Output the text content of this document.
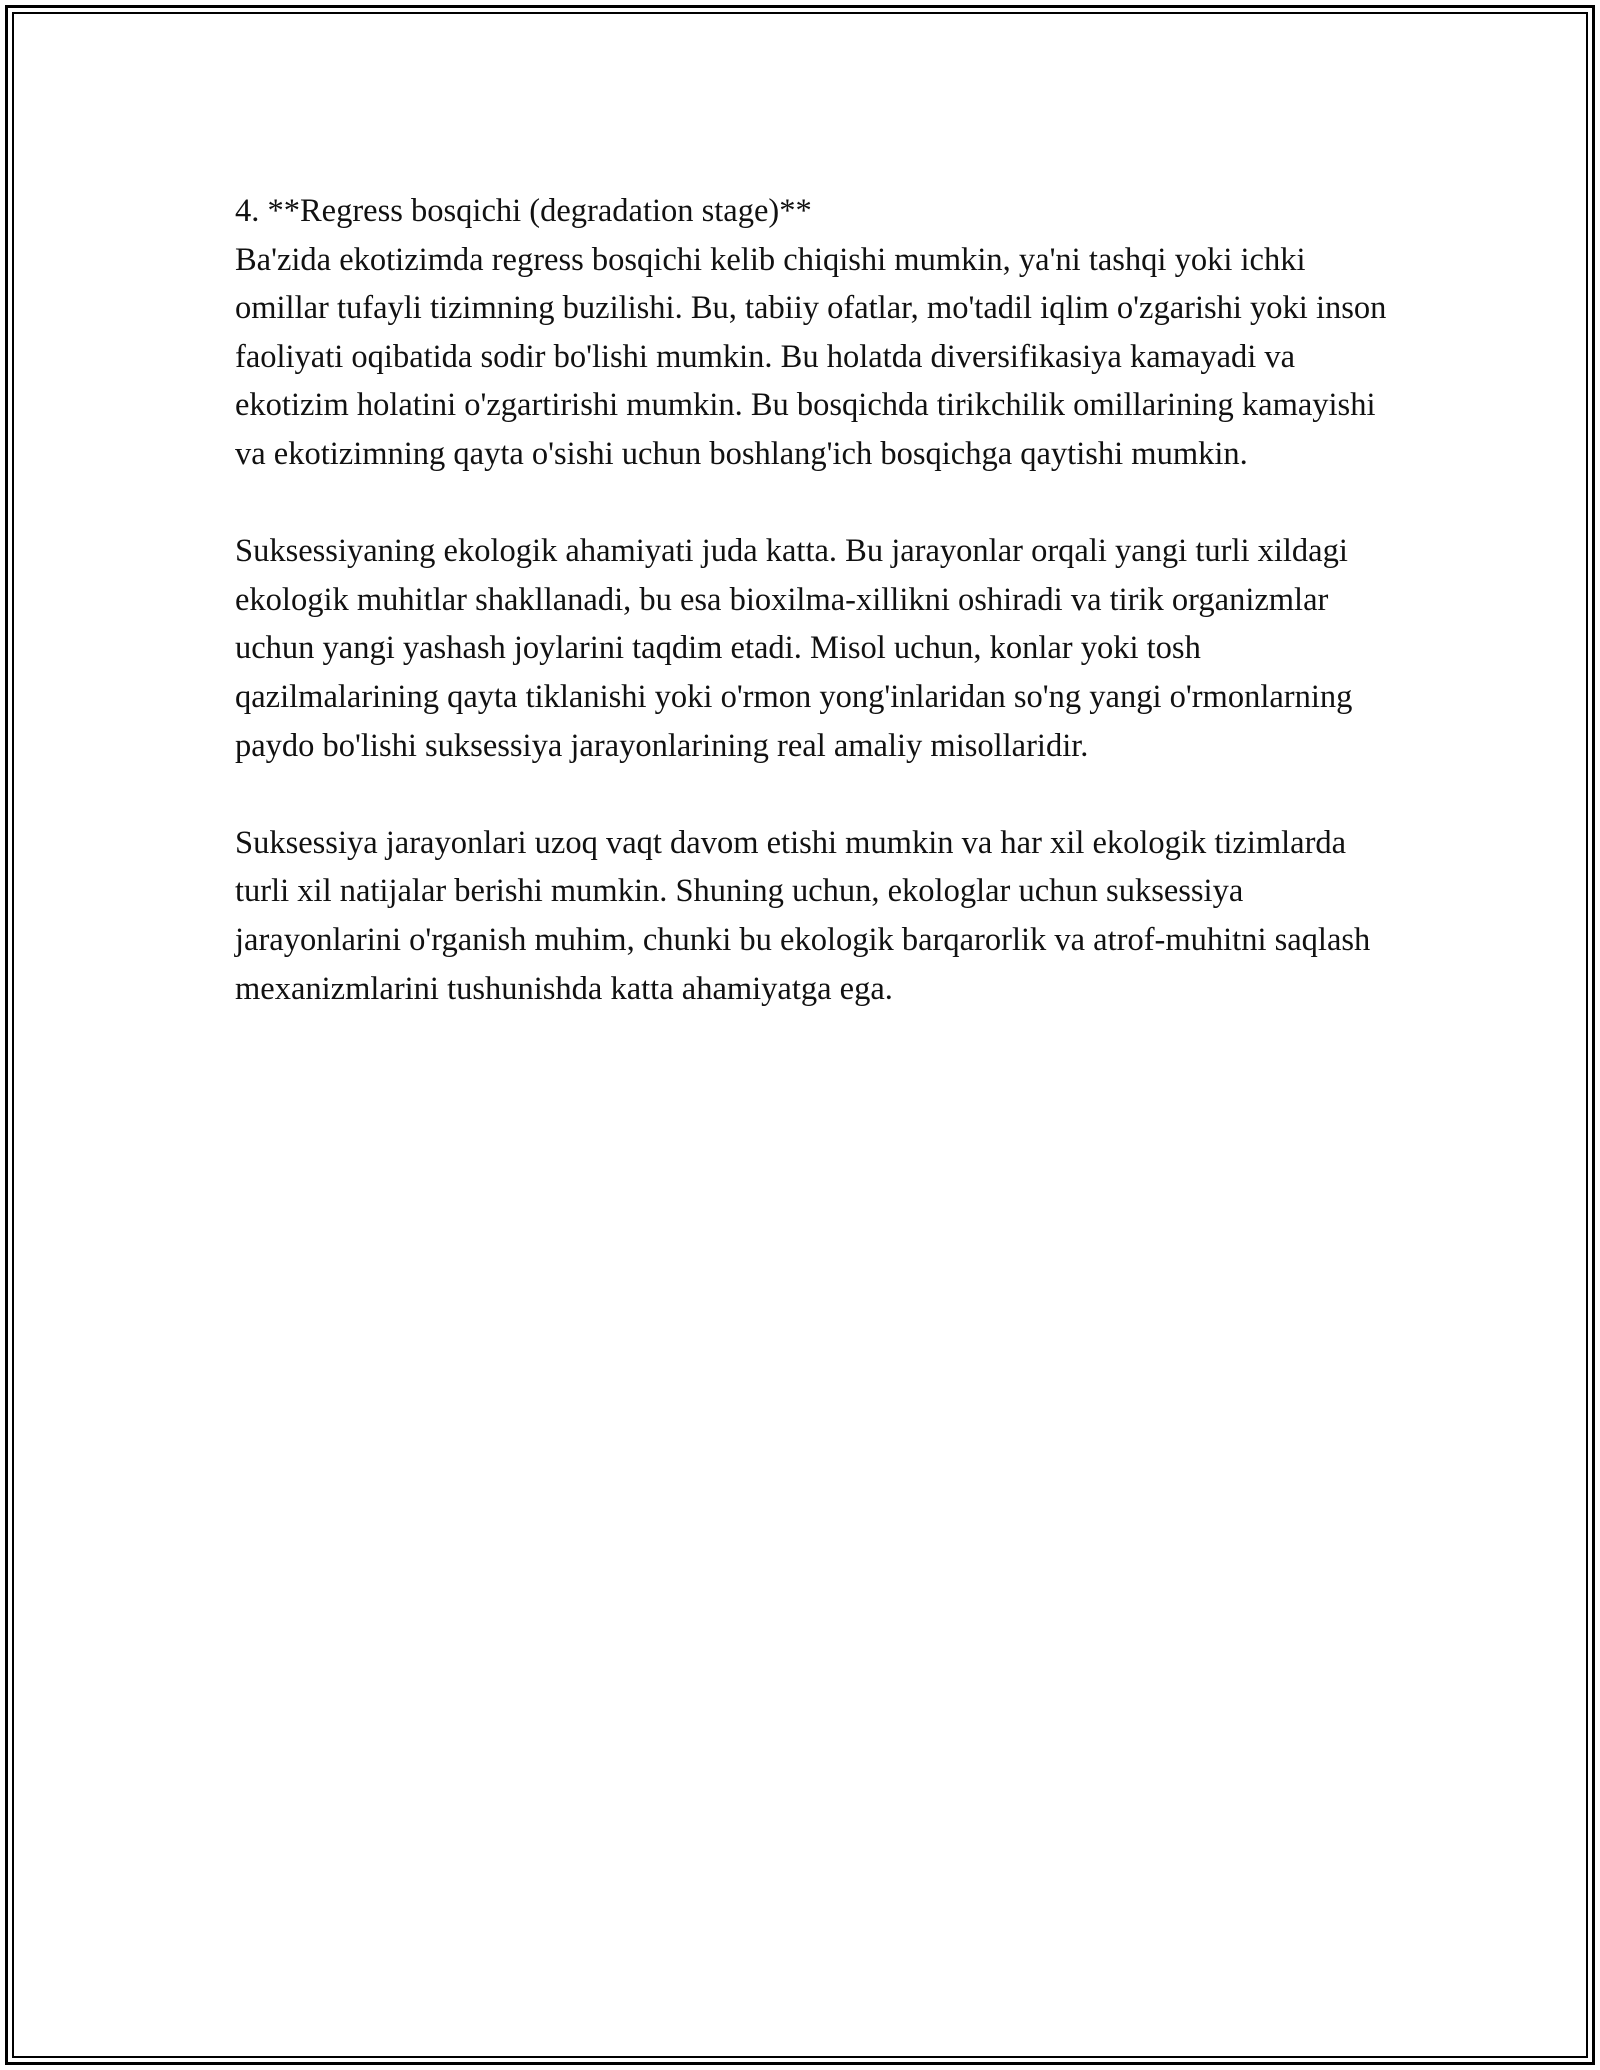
4. **Regress bosqichi (degradation stage)**
Ba'zida ekotizimda regress bosqichi kelib chiqishi mumkin, ya'ni tashqi yoki ichki omillar tufayli tizimning buzilishi. Bu, tabiiy ofatlar, mo'tadil iqlim o'zgarishi yoki inson faoliyati oqibatida sodir bo'lishi mumkin. Bu holatda diversifikasiya kamayadi va ekotizim holatini o'zgartirishi mumkin. Bu bosqichda tirikchilik omillarining kamayishi va ekotizimning qayta o'sishi uchun boshlang'ich bosqichga qaytishi mumkin.

Suksessiyaning ekologik ahamiyati juda katta. Bu jarayonlar orqali yangi turli xildagi ekologik muhitlar shakllanadi, bu esa bioxilma-xillikni oshiradi va tirik organizmlar uchun yangi yashash joylarini taqdim etadi. Misol uchun, konlar yoki tosh qazilmalarining qayta tiklanishi yoki o'rmon yong'inlaridan so'ng yangi o'rmonlarning paydo bo'lishi suksessiya jarayonlarining real amaliy misollaridir.

Suksessiya jarayonlari uzoq vaqt davom etishi mumkin va har xil ekologik tizimlarda turli xil natijalar berishi mumkin. Shuning uchun, ekologlar uchun suksessiya jarayonlarini o'rganish muhim, chunki bu ekologik barqarorlik va atrof-muhitni saqlash mexanizmlarini tushunishda katta ahamiyatga ega.
